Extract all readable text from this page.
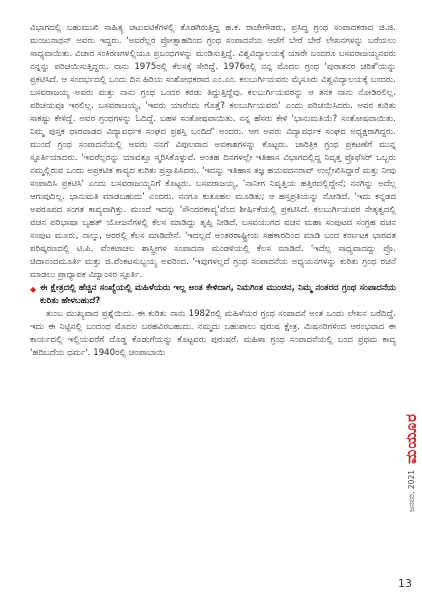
ವಿಭಾಗದಲ್ಲಿ ಬಹುಮುಖಿ ಸಾಹಿತ್ಯ ಚಟುವಟಿಕೆಗಳಲ್ಲಿ ತೊಡಗಿರುತ್ತಿದ್ದ ಹ.ಕ. ರಾಜೇಗೌಡರು, ಪ್ರಸಿದ್ಧ ಗ್ರಂಥ ಸಂಪಾದಕರಾದ ಜಿ.ಜಿ. ಮಂಜುನಾಥನ್ ಅವರು ಇದ್ದರು. 'ಅವರೆಲ್ಲರ ಪ್ರೋತ್ಸಾಹದಿಂದ ಗ್ರಂಥ ಸಂಪಾದನೆಯ ಆಚೆಗೆ ಬೇರೆ ಬೇರೆ ಲೇಖನಗಳನ್ನು ಬರೆಯಲು ಸಾಧ್ಯವಾಯಿತು. ವಿಚಾರ ಸಂಕಿರಣಗಳಲ್ಲಿಯೂ ಪ್ರಬಂಧಗಳನ್ನು ಮಂಡಿಸುತ್ತಿದ್ದೆ. ವಿಶ್ವವಿದ್ಯಾಲಯಕ್ಕೆ ಯಾರೇ ಬಂದರೂ ಬಸವರಾಜಯ್ಯನವರು ನನ್ನನ್ನು ಪರಿಚಯಿಸುತ್ತಿದ್ದರು. ನಾನು 1975ರಲ್ಲಿ ಕೆಲಸಕ್ಕೆ ಸೇರಿದ್ದೆ. 1976ರಲ್ಲಿ ನನ್ನ ಮೊದಲ ಗ್ರಂಥ 'ಪುರಾತನರ ಚರಿತೆ'ಯನ್ನು ಪ್ರಕಟಿಸಿದೆ. ಆ ಸಂದರ್ಭದಲ್ಲಿ ಒಂದು ದಿನ ಹಿರಿಯ ಸಂಶೋಧಕರಾದ ಎಂ.ಎಂ. ಕಲಬುರ್ಗಿಯವರು ಮೈಸೂರು ವಿಶ್ವವಿದ್ಯಾಲಯಕ್ಕೆ ಬಂದರು. ಬಸವರಾಜಯ್ಯ ಅವರು ಮತ್ತು ನಾನು ಗ್ರಂಥ ಒಂದರ ಕರಡು ತಿದ್ದುತ್ತಿದ್ದೆವು. ಕಲಬುರ್ಗಿಯವರನ್ನು ಆ ತನಕ ನಾನು ನೋಡಿರಲಿಲ್ಲ. ಪರಿಚಯವೂ ಇರಲಿಲ್ಲ. ಬಸವರಾಜಯ್ಯ, 'ಇವರು ಯಾರೆಂದು ಗೊತ್ತೆ? ಕಲಬುರ್ಗಿಯವರು' ಎಂದು ಪರಿಚಯಿಸಿದರು. ಅವರ ಕುರಿತು ಸಾಕಷ್ಟು ಕೇಳಿದ್ದೆ. ಅವರ ಗ್ರಂಥಗಳನ್ನು ಓದಿದ್ದೆ. ಬಹಳ ಸಂತೋಷವಾಯಿತು. ನನ್ನ ಹೆಸರು ಕೇಳಿ 'ಭಾನುಮತಿಯೆ? ಸಂತೋಷವಾಯಿತು. ನಿಮ್ಮ ಪುಸ್ತಕ ಧಾರವಾಡದ ವಿದ್ಯಾವರ್ಧಕ ಸಂಘದ ಪ್ರಶಸ್ತಿ ಬಂದಿದೆ' ಅಂದರು. ಆಗ ಅವರು ವಿದ್ಯಾವರ್ಧಕ ಸಂಘದ ಅಧ್ಯಕ್ಷರಾಗಿದ್ದರು. ಮುಂದೆ ಗ್ರಂಥ ಸಂಪಾದನೆಯಲ್ಲಿ ಅವರು ನನಗೆ ವಿಪುಲವಾದ ಅವಕಾಶಗಳನ್ನು ಕೊಟ್ಟರು. ಚಾರಿತ್ರಿಕ ಗ್ರಂಥ ಪ್ರಕಟಣೆಗೆ ಮುನ್ನ ಸ್ಫೂರ್ತಿಯಾದರು. 'ಇವರೆಲ್ಲರನ್ನು ಯಾವತ್ತೂ ಸ್ಮರಿಸಿಕೊಳ್ಳುವೆ. ಅಂತಹ ದಿನಗಳಲ್ಲೇ ಇತಿಹಾಸ ವಿಭಾಗದಲ್ಲಿದ್ದ ನಿವೃತ್ತ ಪ್ರೊಫೆಸರ್ ಒಬ್ಬರು ನಮ್ಮಲ್ಲಿರುವ ಒಂದು ಅಪ್ರಕಟಿತ ಕಾವ್ಯದ ಕುರಿತು ಪ್ರಸ್ತಾಪಿಸಿದರು. 'ಇದನ್ನು ಇತಿಹಾಸ ತಜ್ಞ ಹಯವದನರಾವ್ ಉಲ್ಲೇಖಿಸಿದ್ದಾರೆ ಮತ್ತು ನೀವು ಸಂಪಾದಿಸಿ ಪ್ರಕಟಿಸಿ' ಎಂದು ಬಸವರಾಜಯ್ಯನಿಗೆ ಕೊಟ್ಟರು. ಬಸವರಾಜಯ್ಯ, 'ನಾನೀಗ ನಿವೃತ್ತಿಯ ಹತ್ತಿರದಲ್ಲಿದ್ದೇನೆ; ನನಗಿನ್ನು ಅದೆಲ್ಲ ಆಗುವುದಿಲ್ಲ. ಭಾನುಮತಿ ಮಾಡಬಹುದು' ಎಂದರು. ನನಗೂ ಕುತೂಹಲ ಮೂಡಿತು; ಆ ಹಸ್ತಪ್ರತಿಯನ್ನು ನೋಡಿದೆ. 'ಇದು ಕನ್ನಡದ ಅಪರೂಪದ ಸಂಗತ ಕಾವ್ಯವಾಗಿತ್ತು. ಮುಂದೆ ಇದನ್ನು 'ಸೌಂದರಕಾವ್ಯ'ವೆಂದ ಶೀರ್ಷಿಕೆಯಲ್ಲಿ ಪ್ರಕಟಿಸಿದೆ. ಕಲಬುರ್ಗಿಯವರ ನೇತೃತ್ವದಲ್ಲಿ ವಚನ ಪರಿಭಾಷಾ ಬೃಹತ್ ಯೋಜನೆಗಳಲ್ಲಿ ಕೆಲಸ ಮಾಡಿದ್ದು ತೃಪ್ತಿ ನೀಡಿದೆ. ಬಸವಯುಗದ ವಚನ ಮಹಾ ಸಂಪುಟದ ಸಂಗ್ರಹ ವಚನ ಸಂಪುಟ ಮೂರು, ನಾಲ್ಕು, ಆರರಲ್ಲಿ ಕೆಲಸ ಮಾಡಿದೇನೆ. 'ಇದಲ್ಲದೆ ಅಂತರರಾಷ್ಟ್ರೀಯ ಸಹಕಾರದಿಂದ ಮಾಡಿ ಬಂದ ಕರ್ನಾಟಕ ಭಾಗವತ ಪರಿಷ್ಕರಣದಲ್ಲಿ ಟಿ.ಪಿ. ವೆಂಕಟಾಚಲ ಶಾಸ್ತ್ರೀಗಳ ಸಂಪಾದನಾ ಮಂಡಳಿಯಲ್ಲಿ ಕೆಲಸ ಮಾಡಿದೆ. 'ಇದೆಲ್ಲ ಸಾಧ್ಯವಾದದ್ದು ಪ್ರೊ. ಚಿದಾನಂದಮೂರ್ತಿ ಮತ್ತು ಜಿ.ವೆಂಕಟಸುಬ್ಬಯ್ಯ ಅವರಿಂದ. 'ಇವುಗಳಲ್ಲದೆ ಗ್ರಂಥ ಸಂಪಾದನೆಯ ಅಧ್ಯಯನಗಳನ್ನು ಕುರಿತು ಗ್ರಂಥ ರಚನೆ ಮಾಡಲು ಪ್ರಾಧ್ಯಾಪಕ ವಿದ್ವಾಂಸರ ಸ್ಫೂರ್ತಿ.

◆ ಈ ಕ್ಷೇತ್ರದಲ್ಲಿ ಹೆಚ್ಚಿನ ಸಂಖ್ಯೆಯಲ್ಲಿ ಮಹಿಳೆಯರು ಇಲ್ಲ ಅಂತ ಕೇಳಿದಾಗ, ನಿಮಗಿಂತ ಮುಂಚಿನ, ನಿಮ್ಮ ನಂತರದ ಗ್ರಂಥ ಸಂಪಾದನೆಯ ಕುರಿತು ಹೇಳಬಹುದೆ?

ತುಂಬ ಮುಖ್ಯವಾದ ಪ್ರಶ್ನೆಯಿದು. ಈ ಕುರಿತು ನಾನು 1982ರಲ್ಲಿ ಮಹಿಳೆಯರ ಗ್ರಂಥ ಸಂಪಾದನೆ ಅಂತ ಒಂದು ಲೇಖನ ಬರೆದಿದ್ದೆ. ಇದು ಈ ನಿಟ್ಟಿನಲ್ಲಿ ಬಂದಂಥ ಮೊದಲ ಬರಹವಿರಬಹುದು. ನಮ್ಮದು ಬಹುಪಾಲು ಪುರುಷ ಕ್ಷೇತ್ರ. ಮಿಷನರಿಗಳಿಂದ ಆರಂಭವಾದ ಈ ಕಾರ್ಯದಲ್ಲಿ ಇಲ್ಲಿಯವರೆಗೆ ದೊಡ್ಡ ಕೊಡುಗೆಯನ್ನು ಕೊಟ್ಟವರು ಪುರುಷರೆ. ಮಹಿಳಾ ಗ್ರಂಥ ಸಂಪಾದನೆಯಲ್ಲಿ ಬಂದ ಪ್ರಥಮ ಕಾವ್ಯ 'ಹದಿಬದೆಯ ಧರ್ಮ'. 1940ರಲ್ಲಿ ಚಂಪಾಬಾಯಿ

ಮಯೂರ
ಜನವರಿ, 2021
13
